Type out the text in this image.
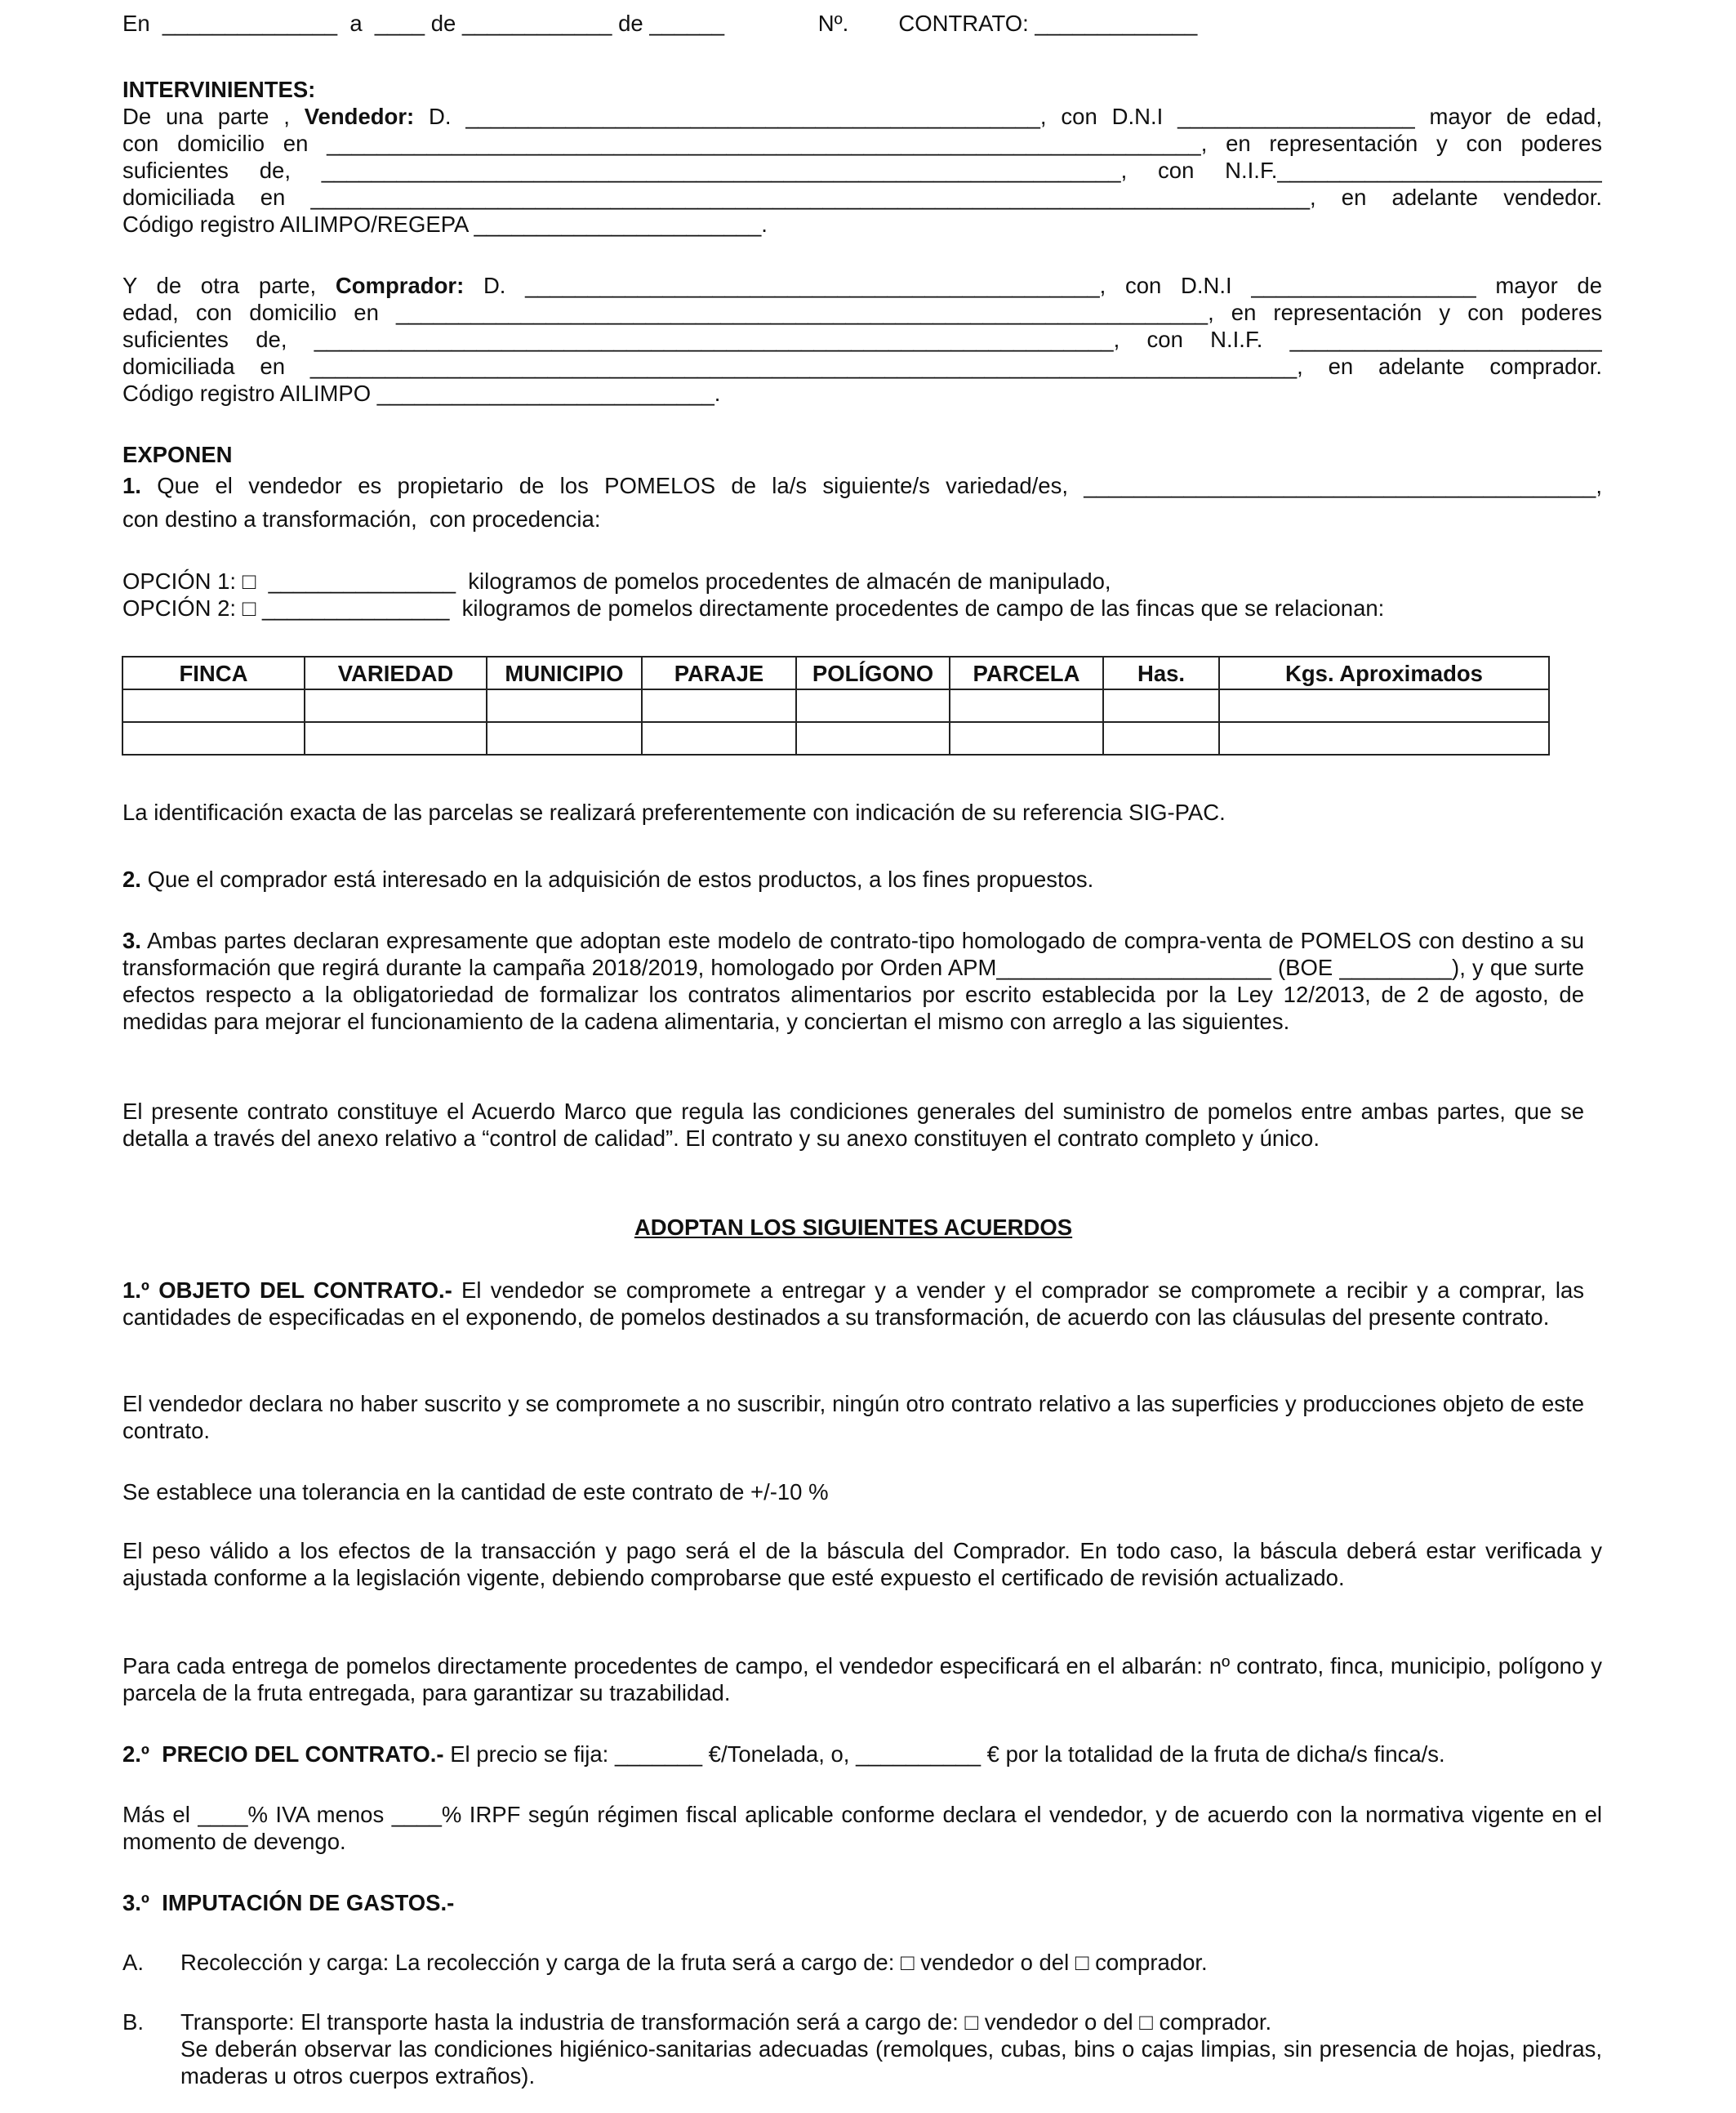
En  ______________  a  ____ de ____________ de ______               Nº.        CONTRATO: _____________
INTERVINIENTES:
De una parte , Vendedor: D. ______________________________________________, con D.N.I ___________________ mayor de edad,
con domicilio en ______________________________________________________________________, en representación y con poderes
suficientes de, ________________________________________________________________, con N.I.F.__________________________
domiciliada en ________________________________________________________________________________, en adelante vendedor.
Código registro AILIMPO/REGEPA _______________________.
Y de otra parte, Comprador: D. ______________________________________________, con D.N.I __________________ mayor de
edad, con domicilio en _________________________________________________________________, en representación y con poderes
suficientes de, ________________________________________________________________, con N.I.F. _________________________
domiciliada en _______________________________________________________________________________, en adelante comprador.
Código registro AILIMPO ___________________________.
EXPONEN
1. Que el vendedor es propietario de los POMELOS de la/s siguiente/s variedad/es, _________________________________________,
con destino a transformación,  con procedencia:
OPCIÓN 1: □  _______________  kilogramos de pomelos procedentes de almacén de manipulado,
OPCIÓN 2: □ _______________  kilogramos de pomelos directamente procedentes de campo de las fincas que se relacionan:
FINCA	VARIEDAD	MUNICIPIO	PARAJE	POLÍGONO	PARCELA	Has.	Kgs. Aproximados

La identificación exacta de las parcelas se realizará preferentemente con indicación de su referencia SIG-PAC.
2. Que el comprador está interesado en la adquisición de estos productos, a los fines propuestos.
3. Ambas partes declaran expresamente que adoptan este modelo de contrato-tipo homologado de compra-venta de POMELOS con destino a su transformación que regirá durante la campaña 2018/2019, homologado por Orden APM______________________ (BOE _________), y que surte efectos respecto a la obligatoriedad de formalizar los contratos alimentarios por escrito establecida por la Ley 12/2013, de 2 de agosto, de medidas para mejorar el funcionamiento de la cadena alimentaria, y conciertan el mismo con arreglo a las siguientes.
El presente contrato constituye el Acuerdo Marco que regula las condiciones generales del suministro de pomelos entre ambas partes, que se detalla a través del anexo relativo a “control de calidad”. El contrato y su anexo constituyen el contrato completo y único.
ADOPTAN LOS SIGUIENTES ACUERDOS
1.º OBJETO DEL CONTRATO.- El vendedor se compromete a entregar y a vender y el comprador se compromete a recibir y a comprar, las cantidades de especificadas en el exponendo, de pomelos destinados a su transformación, de acuerdo con las cláusulas del presente contrato.
El vendedor declara no haber suscrito y se compromete a no suscribir, ningún otro contrato relativo a las superficies y producciones objeto de este contrato.
Se establece una tolerancia en la cantidad de este contrato de +/-10 %
El peso válido a los efectos de la transacción y pago será el de la báscula del Comprador. En todo caso, la báscula deberá estar verificada y ajustada conforme a la legislación vigente, debiendo comprobarse que esté expuesto el certificado de revisión actualizado.
Para cada entrega de pomelos directamente procedentes de campo, el vendedor especificará en el albarán: nº contrato, finca, municipio, polígono y parcela de la fruta entregada, para garantizar su trazabilidad.
2.º  PRECIO DEL CONTRATO.- El precio se fija: _______ €/Tonelada, o, __________ € por la totalidad de la fruta de dicha/s finca/s.
Más el ____% IVA menos ____% IRPF según régimen fiscal aplicable conforme declara el vendedor, y de acuerdo con la normativa vigente en el momento de devengo.
3.º  IMPUTACIÓN DE GASTOS.-
A. Recolección y carga: La recolección y carga de la fruta será a cargo de: □ vendedor o del □ comprador.
B. Transporte: El transporte hasta la industria de transformación será a cargo de: □ vendedor o del □ comprador.
Se deberán observar las condiciones higiénico-sanitarias adecuadas (remolques, cubas, bins o cajas limpias, sin presencia de hojas, piedras, maderas u otros cuerpos extraños).
